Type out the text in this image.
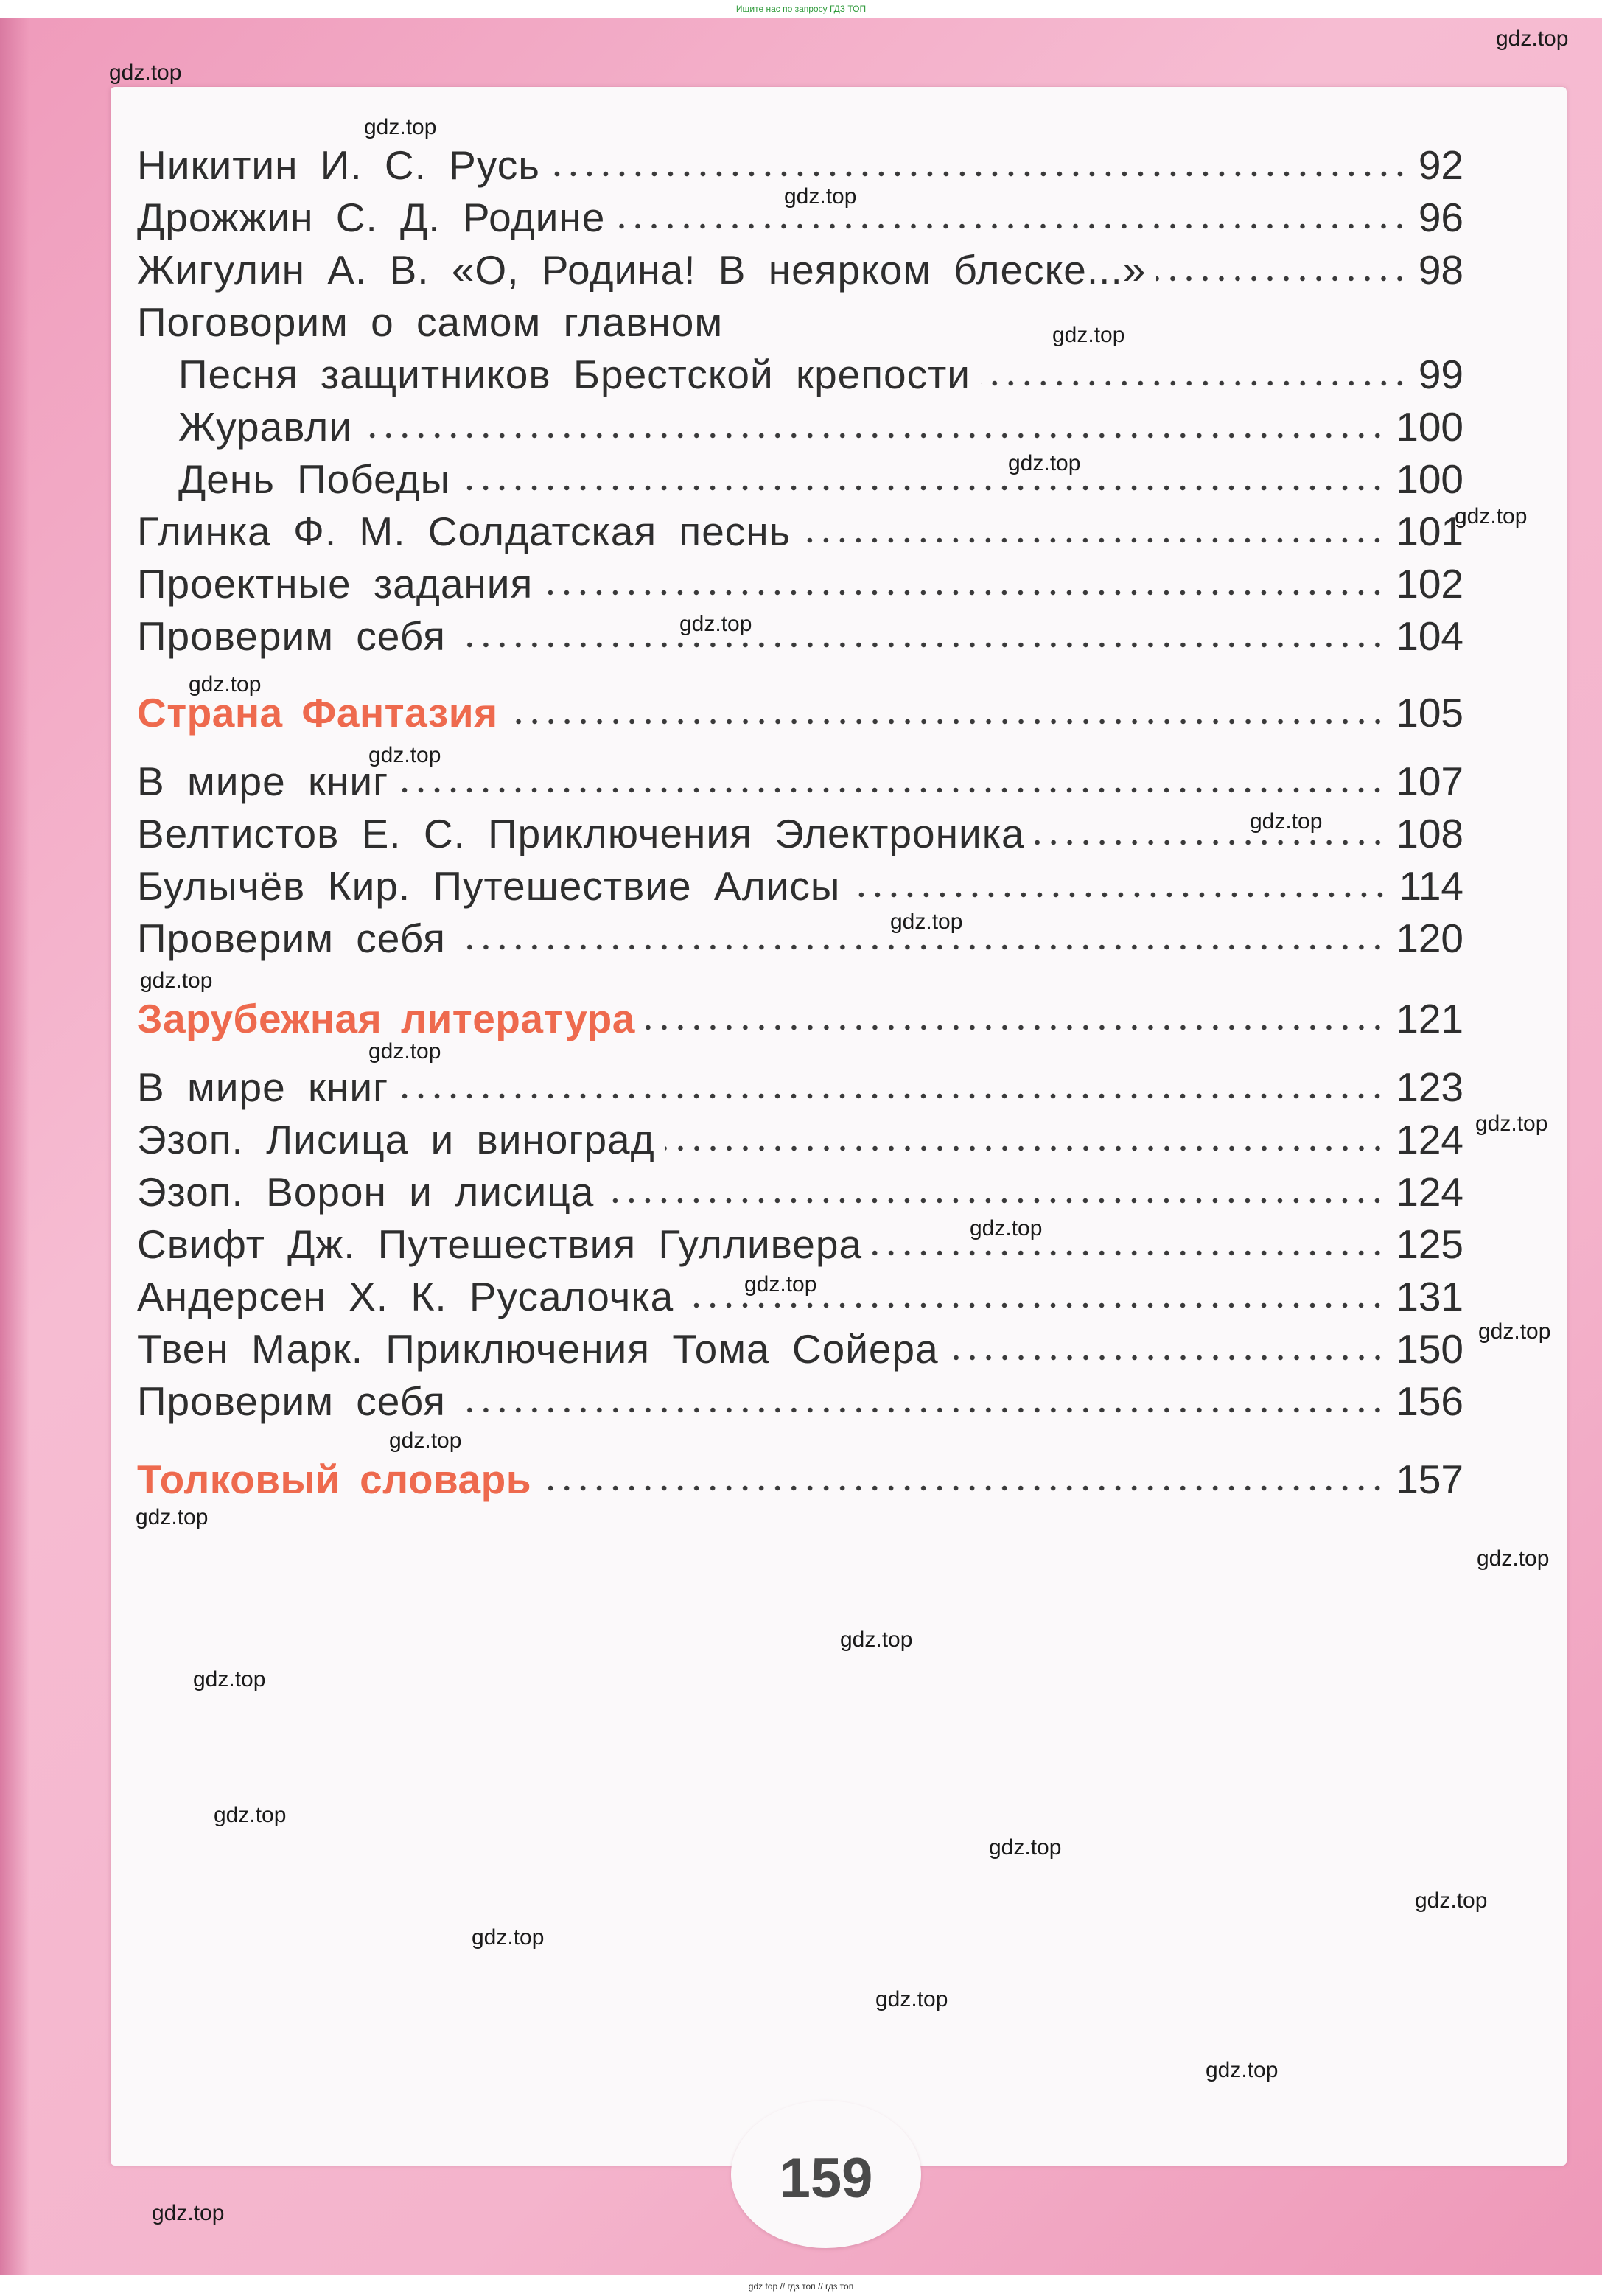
Ищите нас по запросу ГДЗ ТОП
159
Никитин И. С. Русь	92
Дрожжин С. Д. Родине	96
Жигулин А. В. «О, Родина! В неярком блеске...»	98
Поговорим о самом главном
Песня защитников Брестской крепости	99
Журавли	100
День Победы	100
Глинка Ф. М. Солдатская песнь	101
Проектные задания	102
Проверим себя	104
Страна Фантазия	105
В мире книг	107
Велтистов Е. С. Приключения Электроника	108
Булычёв Кир. Путешествие Алисы	114
Проверим себя	120
Зарубежная литература	121
В мире книг	123
Эзоп. Лисица и виноград	124
Эзоп. Ворон и лисица	124
Свифт Дж. Путешествия Гулливера	125
Андерсен Х. К. Русалочка	131
Твен Марк. Приключения Тома Сойера	150
Проверим себя	156
Толковый словарь	157
gdz.top
gdz.top
gdz.top
gdz.top
gdz.top
gdz.top
gdz.top
gdz.top
gdz.top
gdz.top
gdz.top
gdz.top
gdz.top
gdz.top
gdz.top
gdz.top
gdz.top
gdz.top
gdz.top
gdz.top
gdz.top
gdz.top
gdz.top
gdz.top
gdz.top
gdz.top
gdz.top
gdz.top
gdz.top
gdz.top
gdz top // гдз топ // гдз топ
